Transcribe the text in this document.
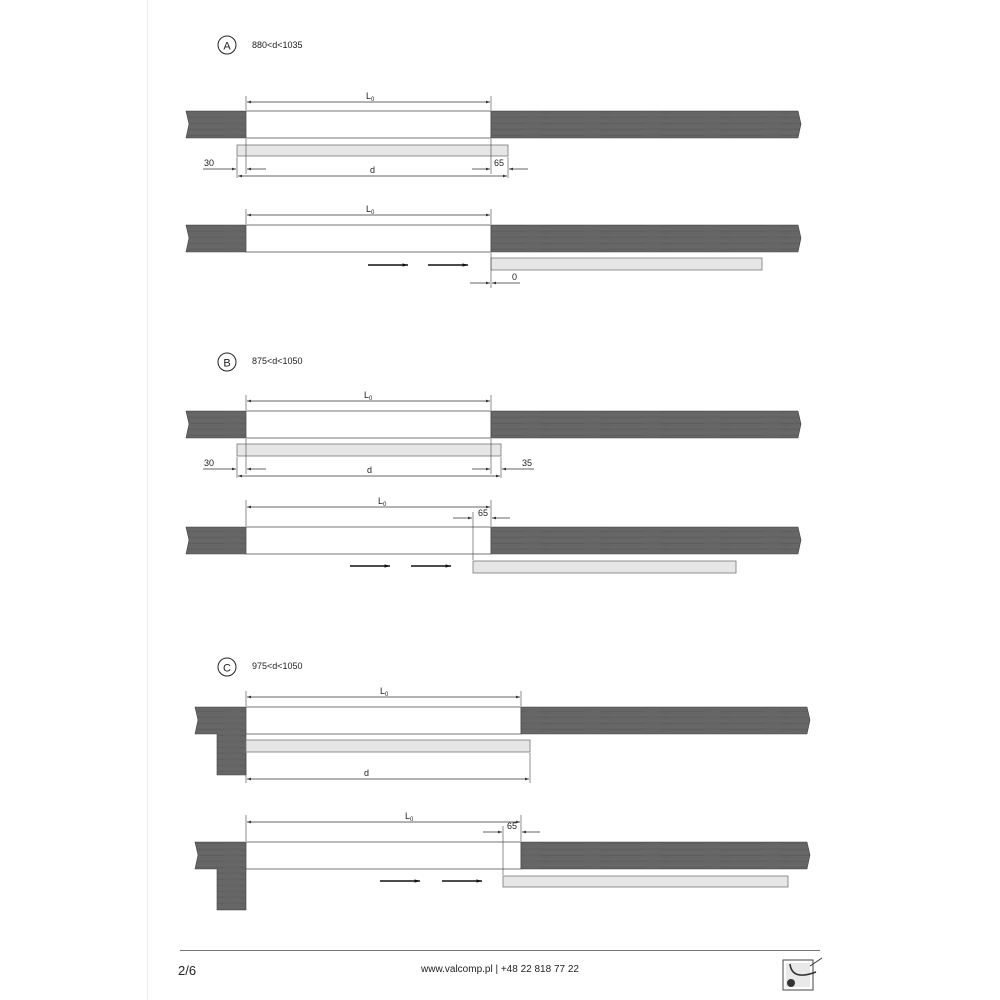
A 880<d<1035
$L_0$
30	65
d
$L_0$
0
B 875<d<1050
$L_0$
30	35
d
$L_0$
65
C 975<d<1050
$L_0$
d
$L_0$
65
2/6	www.valcomp.pl | +48 22 818 77 22
